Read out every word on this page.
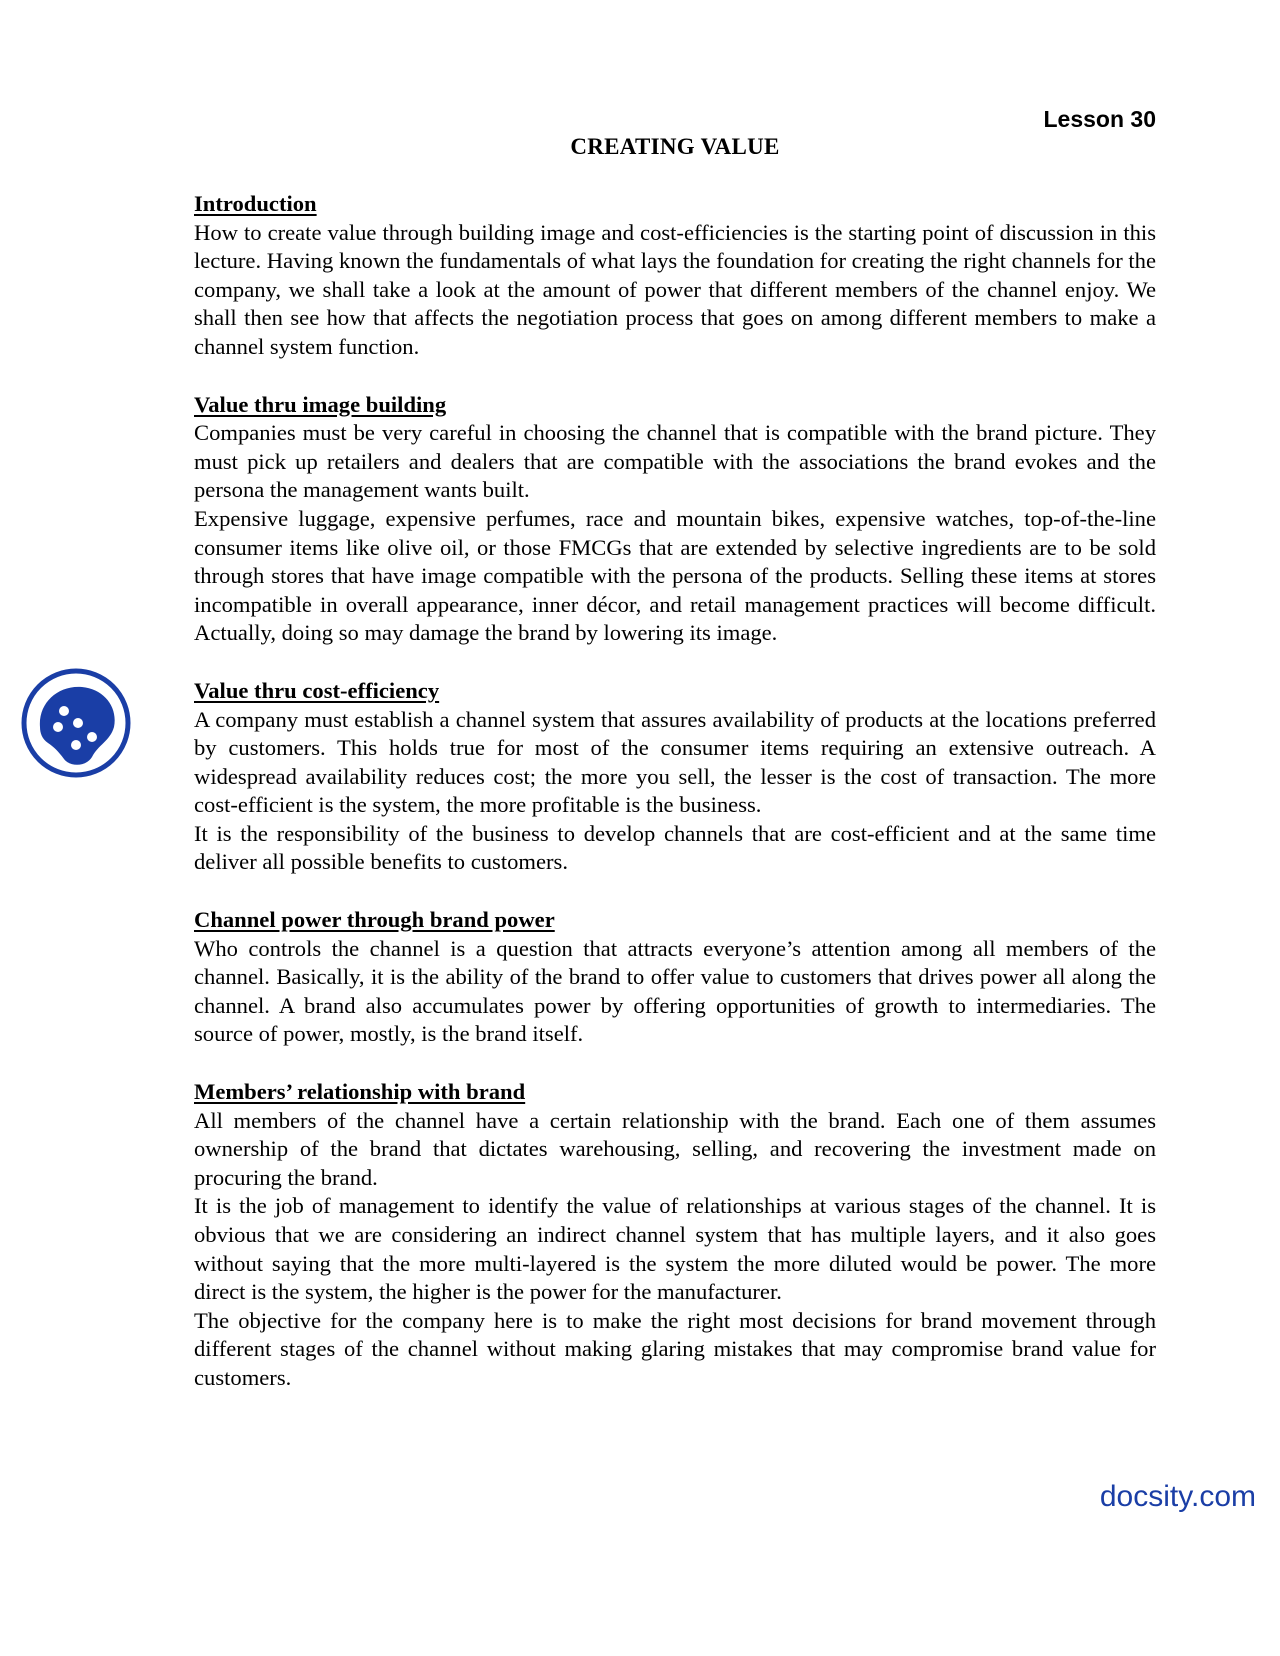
Lesson 30
CREATING VALUE
Introduction

How to create value through building image and cost-efficiencies is the starting point of discussion in this lecture. Having known the fundamentals of what lays the foundation for creating the right channels for the company, we shall take a look at the amount of power that different members of the channel enjoy. We shall then see how that affects the negotiation process that goes on among different members to make a channel system function.

Value thru image building

Companies must be very careful in choosing the channel that is compatible with the brand picture. They must pick up retailers and dealers that are compatible with the associations the brand evokes and the persona the management wants built.

Expensive luggage, expensive perfumes, race and mountain bikes, expensive watches, top-of-the-line consumer items like olive oil, or those FMCGs that are extended by selective ingredients are to be sold through stores that have image compatible with the persona of the products. Selling these items at stores incompatible in overall appearance, inner décor, and retail management practices will become difficult. Actually, doing so may damage the brand by lowering its image.

Value thru cost-efficiency

A company must establish a channel system that assures availability of products at the locations preferred by customers. This holds true for most of the consumer items requiring an extensive outreach. A widespread availability reduces cost; the more you sell, the lesser is the cost of transaction. The more cost-efficient is the system, the more profitable is the business.

It is the responsibility of the business to develop channels that are cost-efficient and at the same time deliver all possible benefits to customers.

Channel power through brand power

Who controls the channel is a question that attracts everyone’s attention among all members of the channel. Basically, it is the ability of the brand to offer value to customers that drives power all along the channel. A brand also accumulates power by offering opportunities of growth to intermediaries. The source of power, mostly, is the brand itself.

Members’ relationship with brand

All members of the channel have a certain relationship with the brand. Each one of them assumes ownership of the brand that dictates warehousing, selling, and recovering the investment made on procuring the brand.

It is the job of management to identify the value of relationships at various stages of the channel. It is obvious that we are considering an indirect channel system that has multiple layers, and it also goes without saying that the more multi-layered is the system the more diluted would be power. The more direct is the system, the higher is the power for the manufacturer.

The objective for the company here is to make the right most decisions for brand movement through different stages of the channel without making glaring mistakes that may compromise brand value for customers.

docsity.com
